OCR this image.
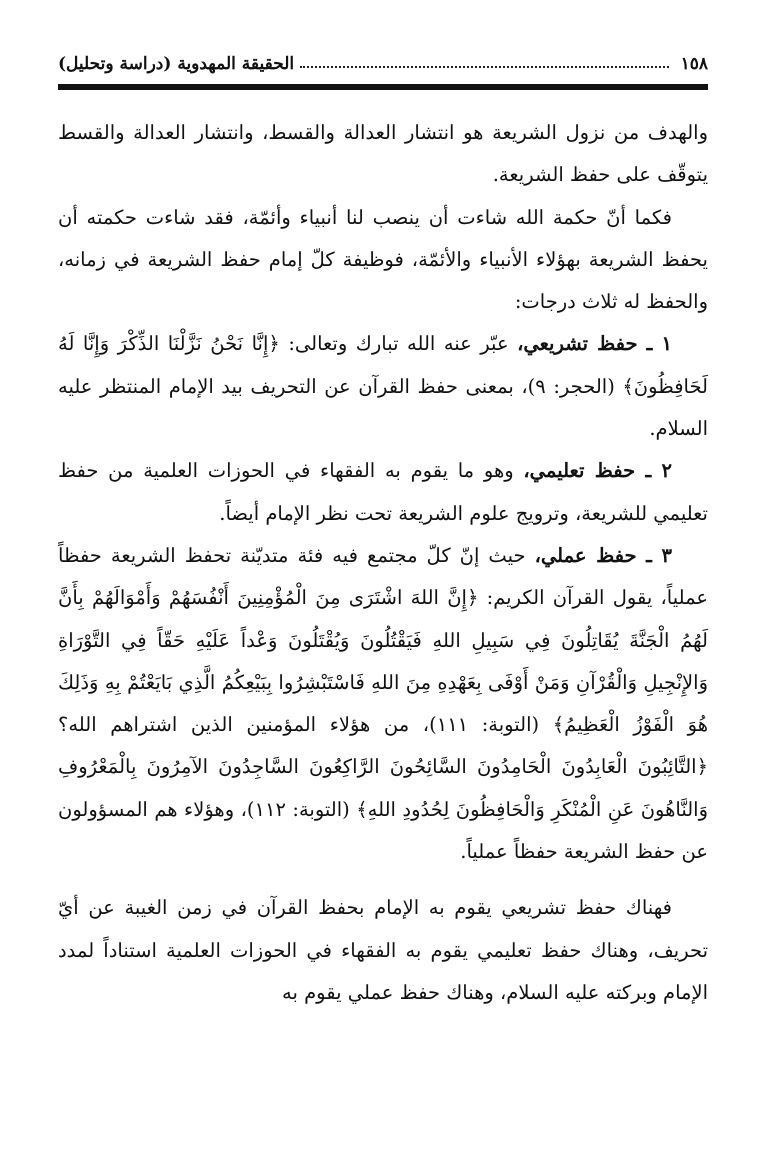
١٥٨
الحقيقة المهدوية (دراسة وتحليل)

والهدف من نزول الشريعة هو انتشار العدالة والقسط، وانتشار العدالة والقسط يتوقّف على حفظ الشريعة.

فكما أنّ حكمة الله شاءت أن ينصب لنا أنبياء وأئمّة، فقد شاءت حكمته أن يحفظ الشريعة بهؤلاء الأنبياء والأئمّة، فوظيفة كلّ إمام حفظ الشريعة في زمانه، والحفظ له ثلاث درجات:

١ ـ حفظ تشريعي، عبّر عنه الله تبارك وتعالى: ﴿إِنَّا نَحْنُ نَزَّلْنَا الذِّكْرَ وَإِنَّا لَهُ لَحَافِظُونَ﴾ (الحجر: ٩)، بمعنى حفظ القرآن عن التحريف بيد الإمام المنتظر عليه السلام.

٢ ـ حفظ تعليمي، وهو ما يقوم به الفقهاء في الحوزات العلمية من حفظ تعليمي للشريعة، وترويج علوم الشريعة تحت نظر الإمام أيضاً.

٣ ـ حفظ عملي، حيث إنّ كلّ مجتمع فيه فئة متديّنة تحفظ الشريعة حفظاً عملياً، يقول القرآن الكريم: ﴿إِنَّ اللهَ اشْتَرَى مِنَ الْمُؤْمِنِينَ أَنْفُسَهُمْ وَأَمْوَالَهُمْ بِأَنَّ لَهُمُ الْجَنَّةَ يُقَاتِلُونَ فِي سَبِيلِ اللهِ فَيَقْتُلُونَ وَيُقْتَلُونَ وَعْداً عَلَيْهِ حَقّاً فِي التَّوْرَاةِ وَالإِنْجِيلِ وَالْقُرْآنِ وَمَنْ أَوْفَى بِعَهْدِهِ مِنَ اللهِ فَاسْتَبْشِرُوا بِبَيْعِكُمُ الَّذِي بَايَعْتُمْ بِهِ وَذَلِكَ هُوَ الْفَوْزُ الْعَظِيمُ﴾ (التوبة: ١١١)، من هؤلاء المؤمنين الذين اشتراهم الله؟ ﴿التَّائِبُونَ الْعَابِدُونَ الْحَامِدُونَ السَّائِحُونَ الرَّاكِعُونَ السَّاجِدُونَ الآمِرُونَ بِالْمَعْرُوفِ وَالنَّاهُونَ عَنِ الْمُنْكَرِ وَالْحَافِظُونَ لِحُدُودِ اللهِ﴾ (التوبة: ١١٢)، وهؤلاء هم المسؤولون عن حفظ الشريعة حفظاً عملياً.

فهناك حفظ تشريعي يقوم به الإمام بحفظ القرآن في زمن الغيبة عن أيّ تحريف، وهناك حفظ تعليمي يقوم به الفقهاء في الحوزات العلمية استناداً لمدد الإمام وبركته عليه السلام، وهناك حفظ عملي يقوم به
